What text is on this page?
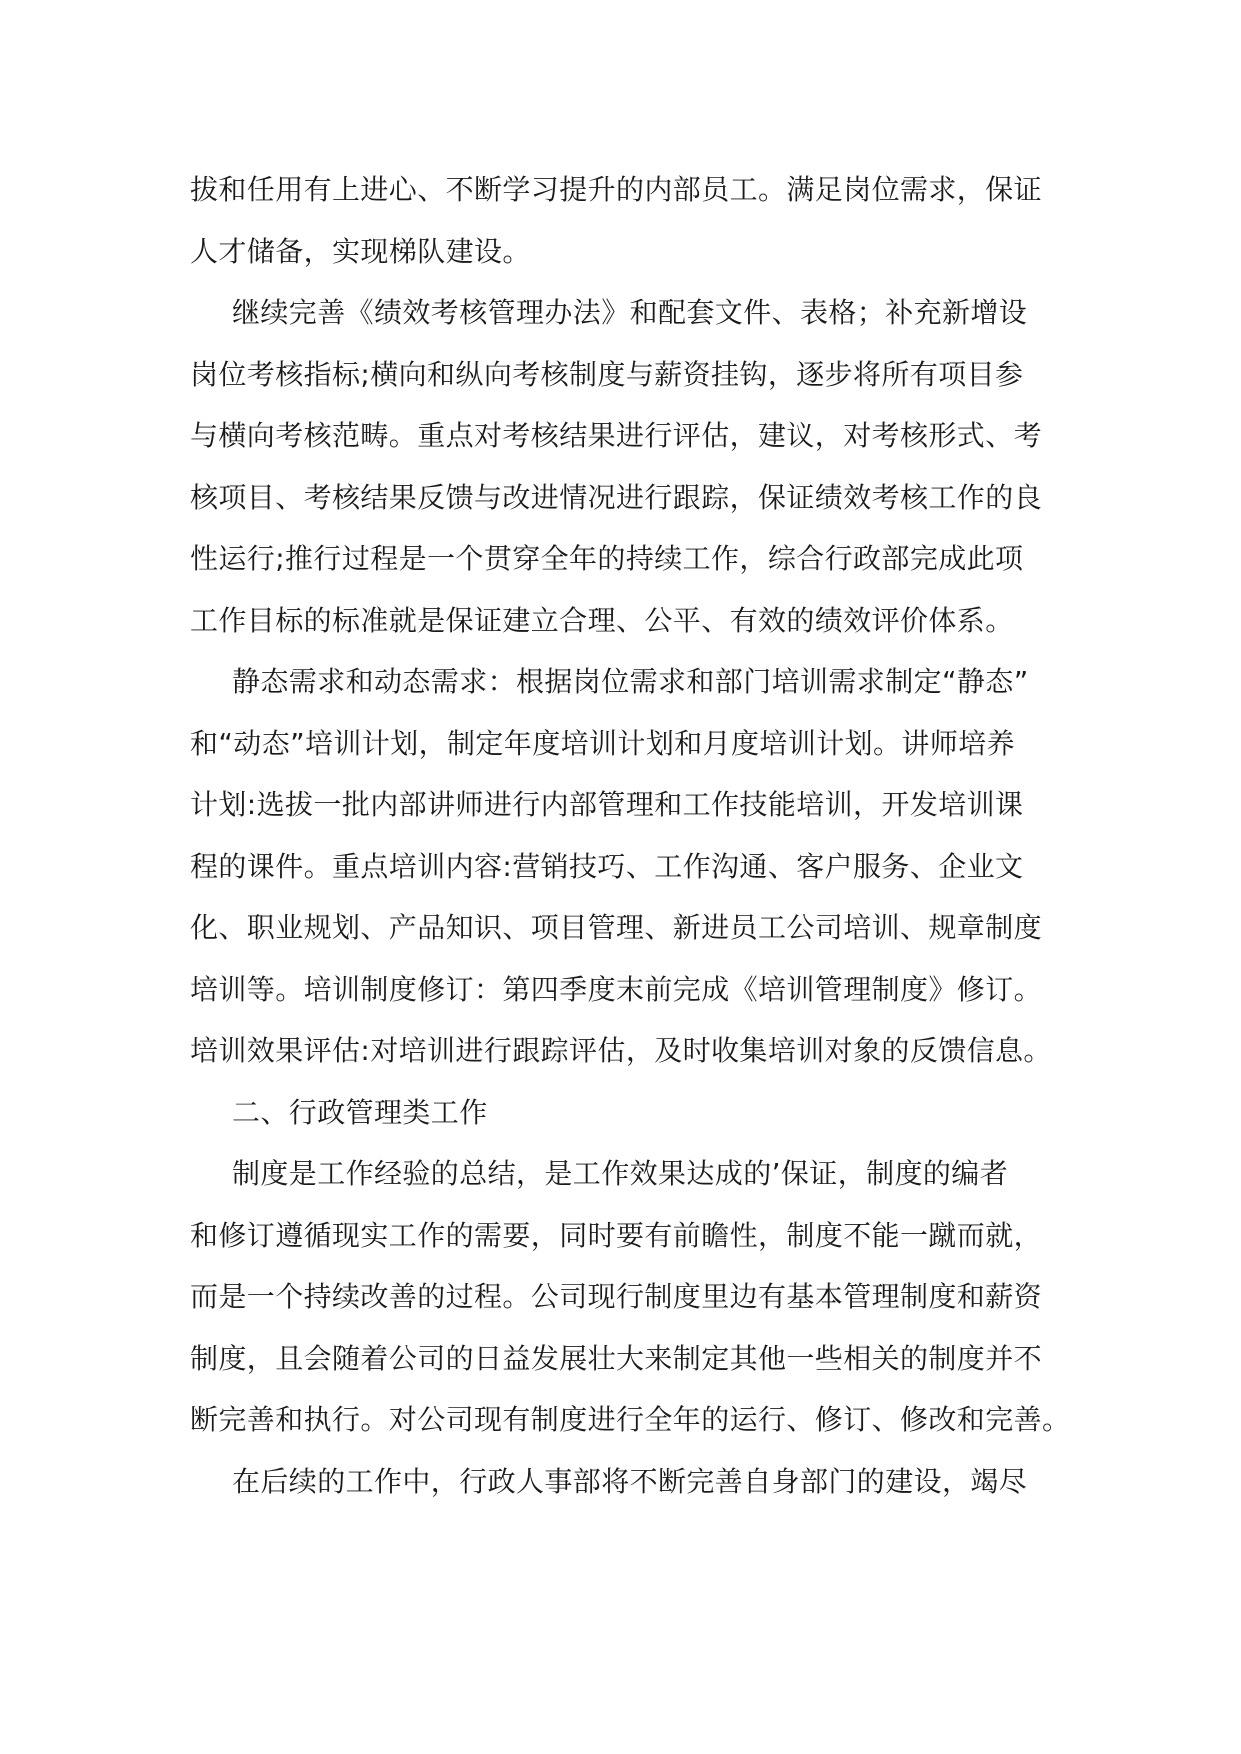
拔和任用有上进心、不断学习提升的内部员工。满足岗位需求，保证
人才储备，实现梯队建设。
继续完善《绩效考核管理办法》和配套文件、表格；补充新增设
岗位考核指标;横向和纵向考核制度与薪资挂钩，逐步将所有项目参
与横向考核范畴。重点对考核结果进行评估，建议，对考核形式、考
核项目、考核结果反馈与改进情况进行跟踪，保证绩效考核工作的良
性运行;推行过程是一个贯穿全年的持续工作，综合行政部完成此项
工作目标的标准就是保证建立合理、公平、有效的绩效评价体系。
静态需求和动态需求：根据岗位需求和部门培训需求制定“静态”
和“动态”培训计划，制定年度培训计划和月度培训计划。讲师培养
计划:选拔一批内部讲师进行内部管理和工作技能培训，开发培训课
程的课件。重点培训内容:营销技巧、工作沟通、客户服务、企业文
化、职业规划、产品知识、项目管理、新进员工公司培训、规章制度
培训等。培训制度修订：第四季度末前完成《培训管理制度》修订。
培训效果评估:对培训进行跟踪评估，及时收集培训对象的反馈信息。
二、行政管理类工作
制度是工作经验的总结，是工作效果达成的’保证，制度的编者
和修订遵循现实工作的需要，同时要有前瞻性，制度不能一蹴而就，
而是一个持续改善的过程。公司现行制度里边有基本管理制度和薪资
制度，且会随着公司的日益发展壮大来制定其他一些相关的制度并不
断完善和执行。对公司现有制度进行全年的运行、修订、修改和完善。
在后续的工作中，行政人事部将不断完善自身部门的建设，竭尽
